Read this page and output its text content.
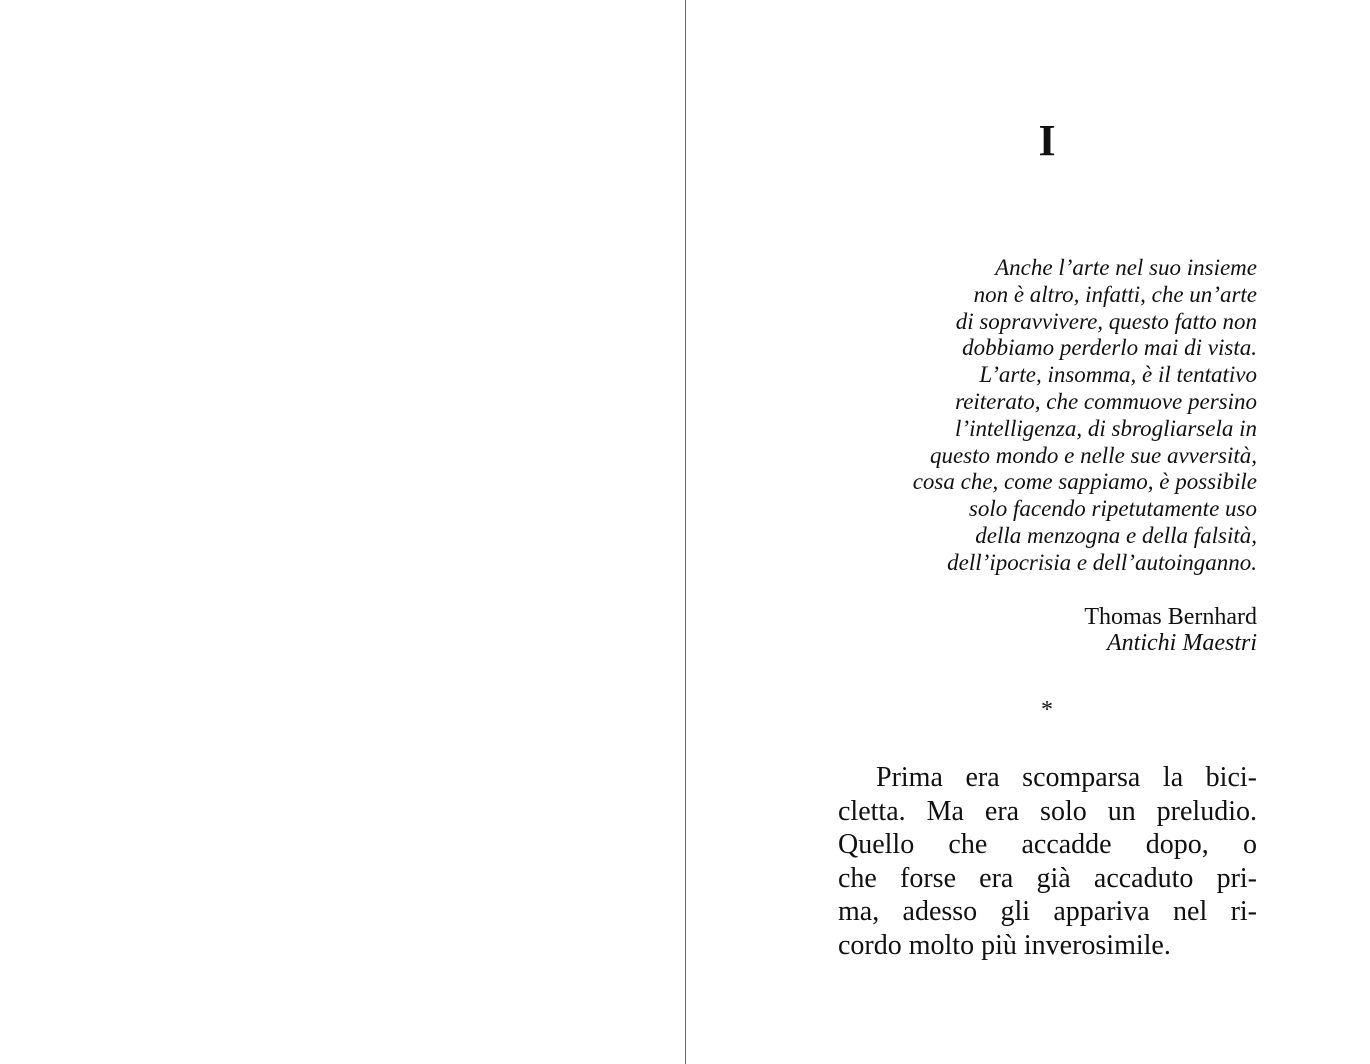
I
Anche l’arte nel suo insieme
non è altro, infatti, che un’arte
di sopravvivere, questo fatto non
dobbiamo perderlo mai di vista.
L’arte, insomma, è il tentativo
reiterato, che commuove persino
l’intelligenza, di sbrogliarsela in
questo mondo e nelle sue avversità,
cosa che, come sappiamo, è possibile
solo facendo ripetutamente uso
della menzogna e della falsità,
dell’ipocrisia e dell’autoinganno.
Thomas Bernhard
Antichi Maestri
*
Prima era scomparsa la bici-
cletta. Ma era solo un preludio.
Quello che accadde dopo, o
che forse era già accaduto pri-
ma, adesso gli appariva nel ri-
cordo molto più inverosimile.
